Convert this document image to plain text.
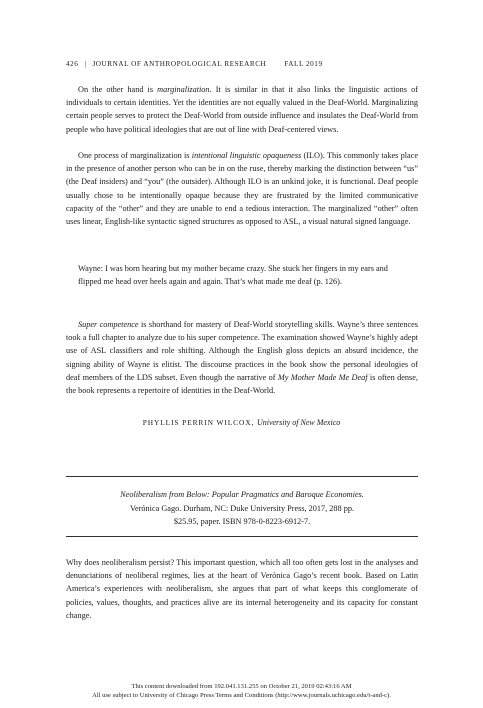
426 | JOURNAL OF ANTHROPOLOGICAL RESEARCH	FALL 2019

On the other hand is marginalization. It is similar in that it also links the linguistic actions of individuals to certain identities. Yet the identities are not equally valued in the Deaf-World. Marginalizing certain people serves to protect the Deaf-World from outside influence and insulates the Deaf-World from people who have political ideologies that are out of line with Deaf-centered views.

One process of marginalization is intentional linguistic opaqueness (ILO). This commonly takes place in the presence of another person who can be in on the ruse, thereby marking the distinction between “us” (the Deaf insiders) and “you” (the outsider). Although ILO is an unkind joke, it is functional. Deaf people usually chose to be intentionally opaque because they are frustrated by the limited communicative capacity of the “other” and they are unable to end a tedious interaction. The marginalized “other” often uses linear, English-like syntactic signed structures as opposed to ASL, a visual natural signed language.

Wayne: I was born hearing but my mother became crazy. She stuck her fingers in my ears and flipped me head over heels again and again. That’s what made me deaf (p. 126).

Super competence is shorthand for mastery of Deaf-World storytelling skills. Wayne’s three sentences took a full chapter to analyze due to his super competence. The examination showed Wayne’s highly adept use of ASL classifiers and role shifting. Although the English gloss depicts an absurd incidence, the signing ability of Wayne is elitist. The discourse practices in the book show the personal ideologies of deaf members of the LDS subset. Even though the narrative of My Mother Made Me Deaf is often dense, the book represents a repertoire of identities in the Deaf-World.

PHYLLIS PERRIN WILCOX, University of New Mexico
Neoliberalism from Below: Popular Pragmatics and Baroque Economies.
Verónica Gago. Durham, NC: Duke University Press, 2017, 288 pp.
$25.95, paper. ISBN 978-0-8223-6912-7.

Why does neoliberalism persist? This important question, which all too often gets lost in the analyses and denunciations of neoliberal regimes, lies at the heart of Verónica Gago’s recent book. Based on Latin America’s experiences with neoliberalism, she argues that part of what keeps this conglomerate of policies, values, thoughts, and practices alive are its internal heterogeneity and its capacity for constant change.

This content downloaded from 192.041.131.255 on October 21, 2019 02:43:16 AM
All use subject to University of Chicago Press Terms and Conditions (http://www.journals.uchicago.edu/t-and-c).
